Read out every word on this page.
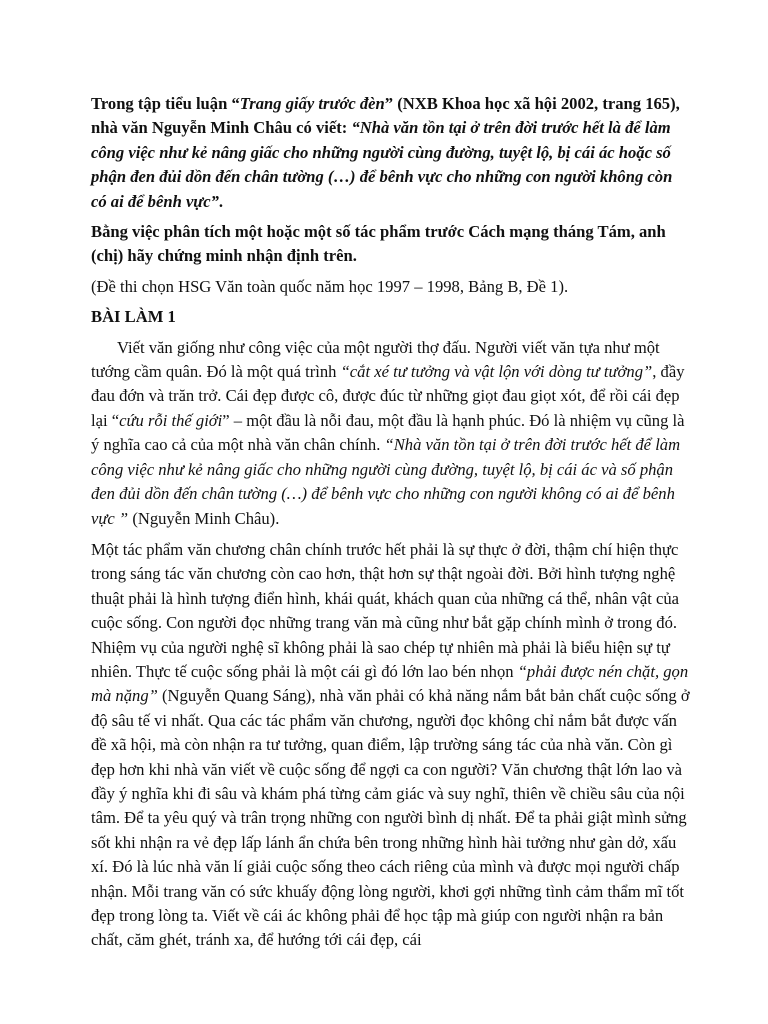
Trong tập tiểu luận “Trang giấy trước đèn” (NXB Khoa học xã hội 2002, trang 165), nhà văn Nguyễn Minh Châu có viết: “Nhà văn tồn tại ở trên đời trước hết là để làm công việc như kẻ nâng giấc cho những người cùng đường, tuyệt lộ, bị cái ác hoặc số phận đen đủi dồn đến chân tường (…) để bênh vực cho những con người không còn có ai để bênh vực”.

Bằng việc phân tích một hoặc một số tác phẩm trước Cách mạng tháng Tám, anh (chị) hãy chứng minh nhận định trên.

(Đề thi chọn HSG Văn toàn quốc năm học 1997 – 1998, Bảng B, Đề 1).

BÀI LÀM 1

Viết văn giống như công việc của một người thợ đấu. Người viết văn tựa như một tướng cầm quân. Đó là một quá trình “cắt xé tư tưởng và vật lộn với dòng tư tưởng”, đầy đau đớn và trăn trở. Cái đẹp được cô, được đúc từ những giọt đau giọt xót, để rồi cái đẹp lại “cứu rỗi thế giới” – một đầu là nỗi đau, một đầu là hạnh phúc. Đó là nhiệm vụ cũng là ý nghĩa cao cả của một nhà văn chân chính. “Nhà văn tồn tại ở trên đời trước hết để làm công việc như kẻ nâng giấc cho những người cùng đường, tuyệt lộ, bị cái ác và số phận đen đủi dồn đến chân tường (…) để bênh vực cho những con người không có ai để bênh vực ” (Nguyễn Minh Châu).

Một tác phẩm văn chương chân chính trước hết phải là sự thực ở đời, thậm chí hiện thực trong sáng tác văn chương còn cao hơn, thật hơn sự thật ngoài đời. Bởi hình tượng nghệ thuật phải là hình tượng điển hình, khái quát, khách quan của những cá thể, nhân vật của cuộc sống. Con người đọc những trang văn mà cũng như bắt gặp chính mình ở trong đó. Nhiệm vụ của người nghệ sĩ không phải là sao chép tự nhiên mà phải là biểu hiện sự tự nhiên. Thực tế cuộc sống phải là một cái gì đó lớn lao bén nhọn “phải được nén chặt, gọn mà nặng” (Nguyễn Quang Sáng), nhà văn phải có khả năng nắm bắt bản chất cuộc sống ở độ sâu tế vi nhất. Qua các tác phẩm văn chương, người đọc không chỉ nắm bắt được vấn đề xã hội, mà còn nhận ra tư tưởng, quan điểm, lập trường sáng tác của nhà văn. Còn gì đẹp hơn khi nhà văn viết về cuộc sống để ngợi ca con người? Văn chương thật lớn lao và đầy ý nghĩa khi đi sâu và khám phá từng cảm giác và suy nghĩ, thiên về chiều sâu của nội tâm. Để ta yêu quý và trân trọng những con người bình dị nhất. Để ta phải giật mình sửng sốt khi nhận ra vẻ đẹp lấp lánh ẩn chứa bên trong những hình hài tưởng như gàn dở, xấu xí. Đó là lúc nhà văn lí giải cuộc sống theo cách riêng của mình và được mọi người chấp nhận. Mỗi trang văn có sức khuấy động lòng người, khơi gợi những tình cảm thẩm mĩ tốt đẹp trong lòng ta. Viết về cái ác không phải để học tập mà giúp con người nhận ra bản chất, căm ghét, tránh xa, để hướng tới cái đẹp, cái
